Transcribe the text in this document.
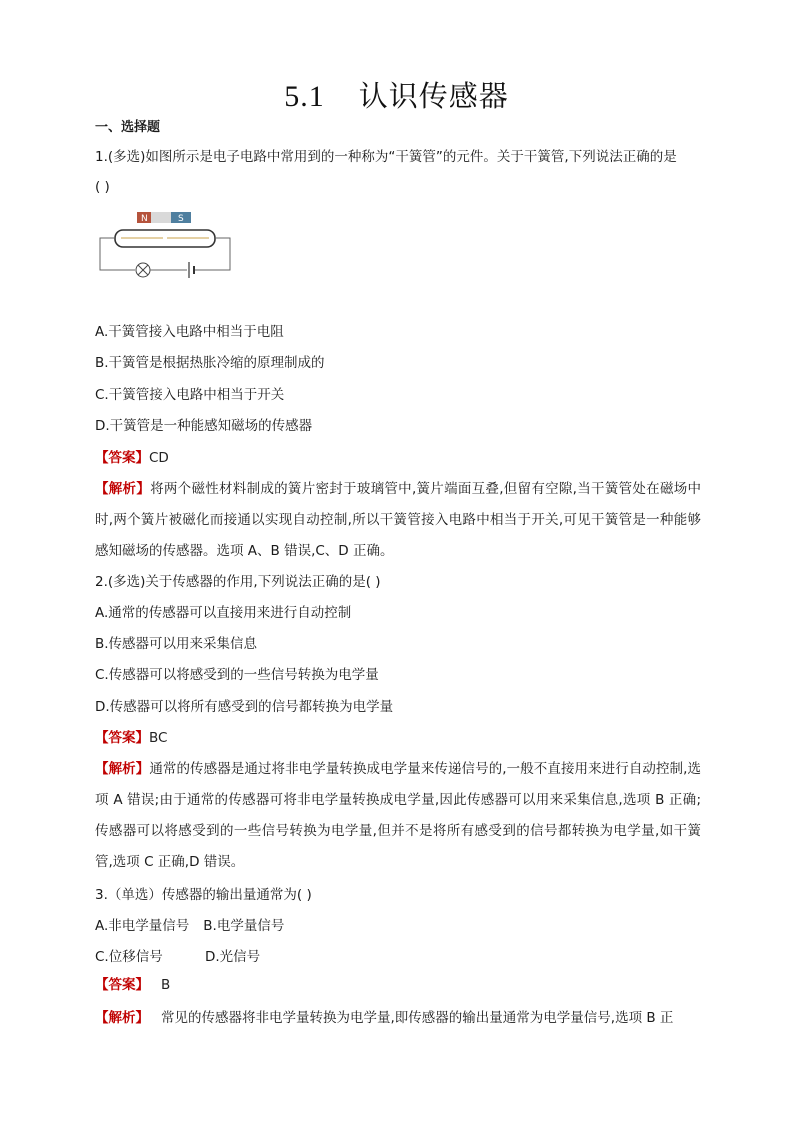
5.1 认识传感器
一、选择题
1.(多选)如图所示是电子电路中常用到的一种称为“干簧管”的元件。关于干簧管,下列说法正确的是
( )
N	S
A.干簧管接入电路中相当于电阻
B.干簧管是根据热胀冷缩的原理制成的
C.干簧管接入电路中相当于开关
D.干簧管是一种能感知磁场的传感器
【答案】CD
【解析】将两个磁性材料制成的簧片密封于玻璃管中,簧片端面互叠,但留有空隙,当干簧管处在磁场中时,两个簧片被磁化而接通以实现自动控制,所以干簧管接入电路中相当于开关,可见干簧管是一种能够感知磁场的传感器。选项 A、B 错误,C、D 正确。
2.(多选)关于传感器的作用,下列说法正确的是( )
A.通常的传感器可以直接用来进行自动控制
B.传感器可以用来采集信息
C.传感器可以将感受到的一些信号转换为电学量
D.传感器可以将所有感受到的信号都转换为电学量
【答案】BC
【解析】通常的传感器是通过将非电学量转换成电学量来传递信号的,一般不直接用来进行自动控制,选项 A 错误;由于通常的传感器可将非电学量转换成电学量,因此传感器可以用来采集信息,选项 B 正确;传感器可以将感受到的一些信号转换为电学量,但并不是将所有感受到的信号都转换为电学量,如干簧管,选项 C 正确,D 错误。
3.（单选）传感器的输出量通常为( )
A.非电学量信号 B.电学量信号
C.位移信号	D.光信号
【答案】 B
【解析】 常见的传感器将非电学量转换为电学量,即传感器的输出量通常为电学量信号,选项 B 正
